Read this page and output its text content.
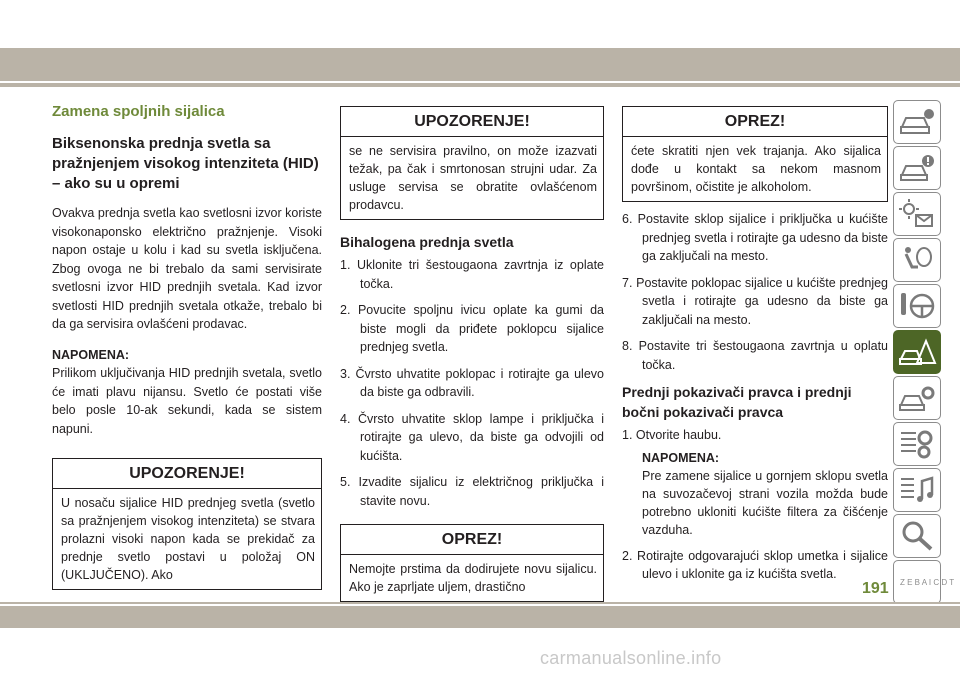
Zamena spoljnih sijalica
Biksenonska prednja svetla sa pražnjenjem visokog intenziteta (HID) – ako su u opremi

Ovakva prednja svetla kao svetlosni izvor koriste visokonaponsko električno pražnjenje. Visoki napon ostaje u kolu i kad su svetla isključena. Zbog ovoga ne bi trebalo da sami servisirate svetlosni izvor HID prednjih svetala. Kad izvor svetlosti HID prednjih svetala otkaže, trebalo bi da ga servisira ovlašćeni prodavac.

NAPOMENA:
Prilikom uključivanja HID prednjih svetala, svetlo će imati plavu nijansu. Svetlo će postati više belo posle 10-ak sekundi, kada se sistem napuni.

UPOZORENJE!
U nosaču sijalice HID prednjeg svetla (svetlo sa pražnjenjem visokog intenziteta) se stvara prolazni visoki napon kada se prekidač za prednje svetlo postavi u položaj ON (UKLJUČENO). Ako
UPOZORENJE!
se ne servisira pravilno, on može izazvati težak, pa čak i smrtonosan strujni udar. Za usluge servisa se obratite ovlašćenom prodavcu.
Bihalogena prednja svetla
1. Uklonite tri šestougaona zavrtnja iz oplate točka.
2. Povucite spoljnu ivicu oplate ka gumi da biste mogli da priđete poklopcu sijalice prednjeg svetla.
3. Čvrsto uhvatite poklopac i rotirajte ga ulevo da biste ga odbravili.
4. Čvrsto uhvatite sklop lampe i priključka i rotirajte ga ulevo, da biste ga odvojili od kućišta.
5. Izvadite sijalicu iz električnog priključka i stavite novu.
OPREZ!
Nemojte prstima da dodirujete novu sijalicu. Ako je zaprljate uljem, drastično
OPREZ!
ćete skratiti njen vek trajanja. Ako sijalica dođe u kontakt sa nekom masnom površinom, očistite je alkoholom.
6. Postavite sklop sijalice i priključka u kućište prednjeg svetla i rotirajte ga udesno da biste ga zaključali na mesto.
7. Postavite poklopac sijalice u kućište prednjeg svetla i rotirajte ga udesno da biste ga zaključali na mesto.
8. Postavite tri šestougaona zavrtnja u oplatu točka.
Prednji pokazivači pravca i prednji bočni pokazivači pravca
1. Otvorite haubu.
NAPOMENA:
Pre zamene sijalice u gornjem sklopu svetla na suvozačevoj strani vozila možda bude potrebno ukloniti kućište filtera za čišćenje vazduha.
2. Rotirajte odgovarajući sklop umetka i sijalice ulevo i uklonite ga iz kućišta svetla.
Z E B A I C D T
191
carmanualsonline.info
